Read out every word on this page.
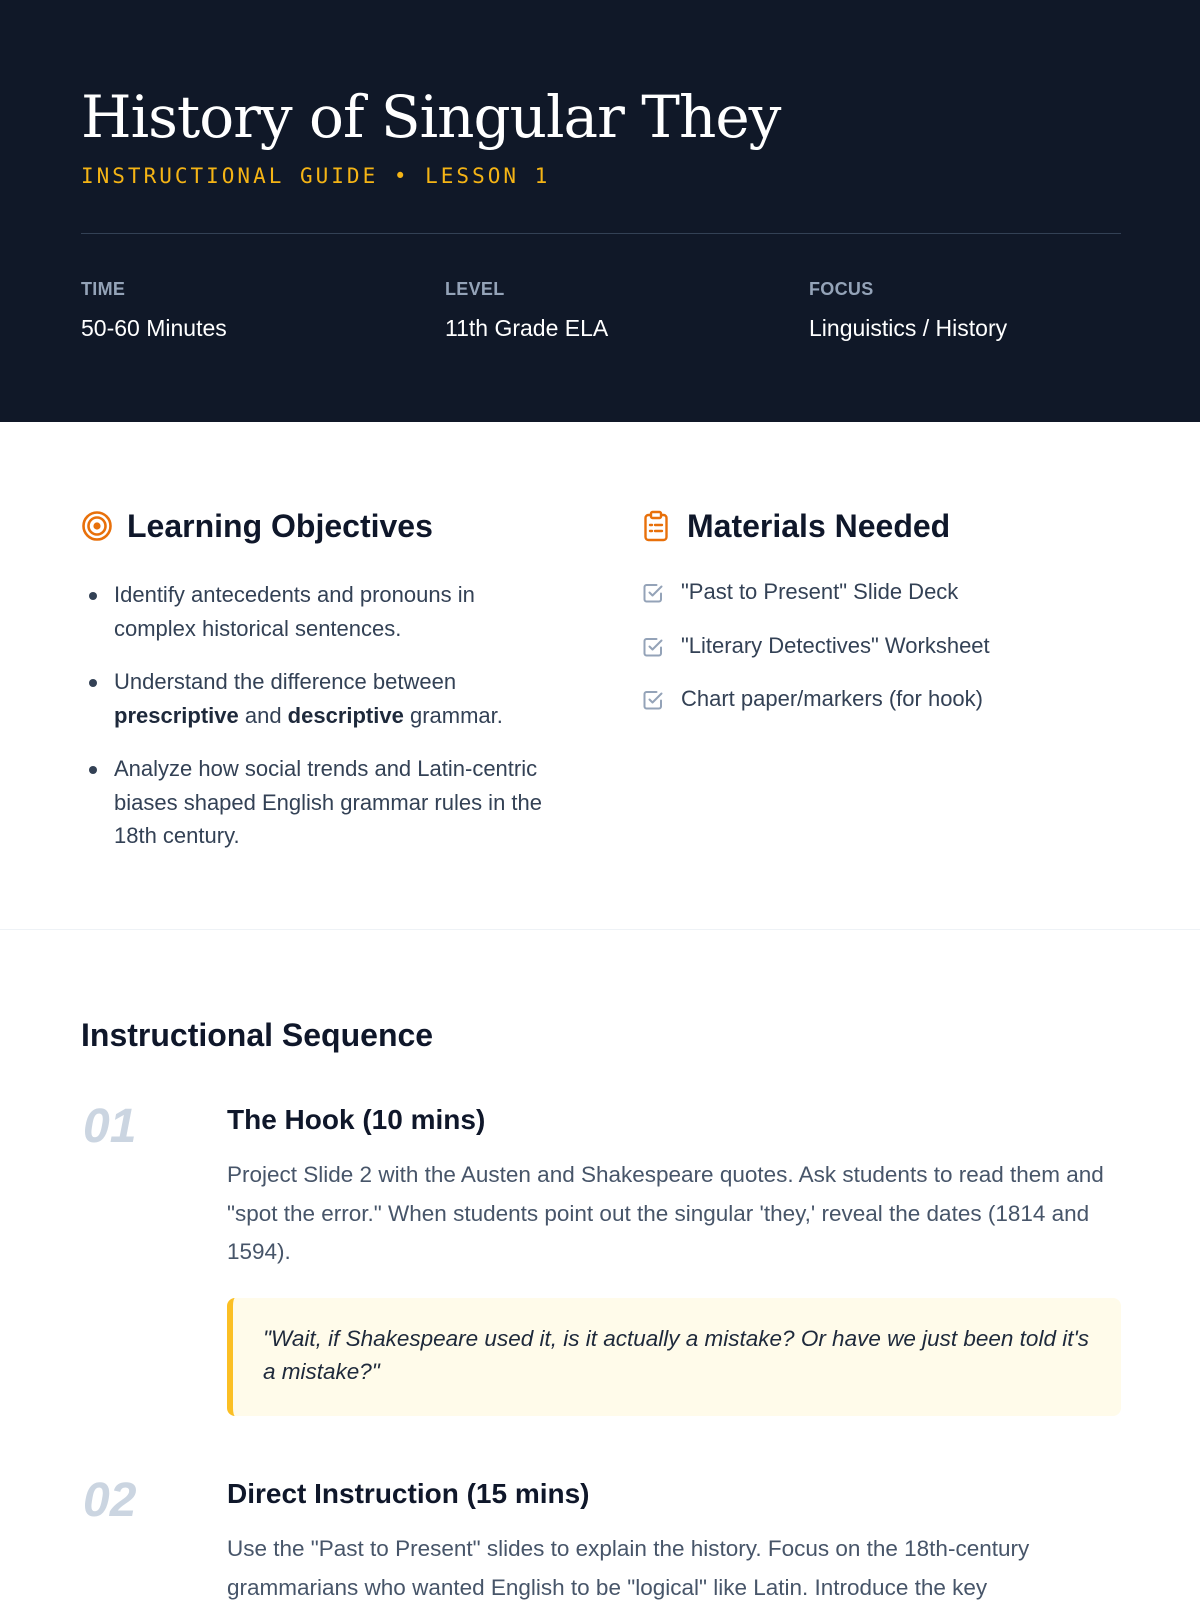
History of Singular They
INSTRUCTIONAL GUIDE • LESSON 1
TIME
50-60 Minutes
LEVEL
11th Grade ELA
FOCUS
Linguistics / History
Learning Objectives
Identify antecedents and pronouns in complex historical sentences.
Understand the difference between prescriptive and descriptive grammar.
Analyze how social trends and Latin-centric biases shaped English grammar rules in the 18th century.
Materials Needed
"Past to Present" Slide Deck
"Literary Detectives" Worksheet
Chart paper/markers (for hook)
Instructional Sequence
01	The Hook (10 mins)

Project Slide 2 with the Austen and Shakespeare quotes. Ask students to read them and "spot the error." When students point out the singular 'they,' reveal the dates (1814 and 1594).

"Wait, if Shakespeare used it, is it actually a mistake? Or have we just been told it's a mistake?"

02	Direct Instruction (15 mins)

Use the "Past to Present" slides to explain the history. Focus on the 18th-century grammarians who wanted English to be "logical" like Latin. Introduce the key
